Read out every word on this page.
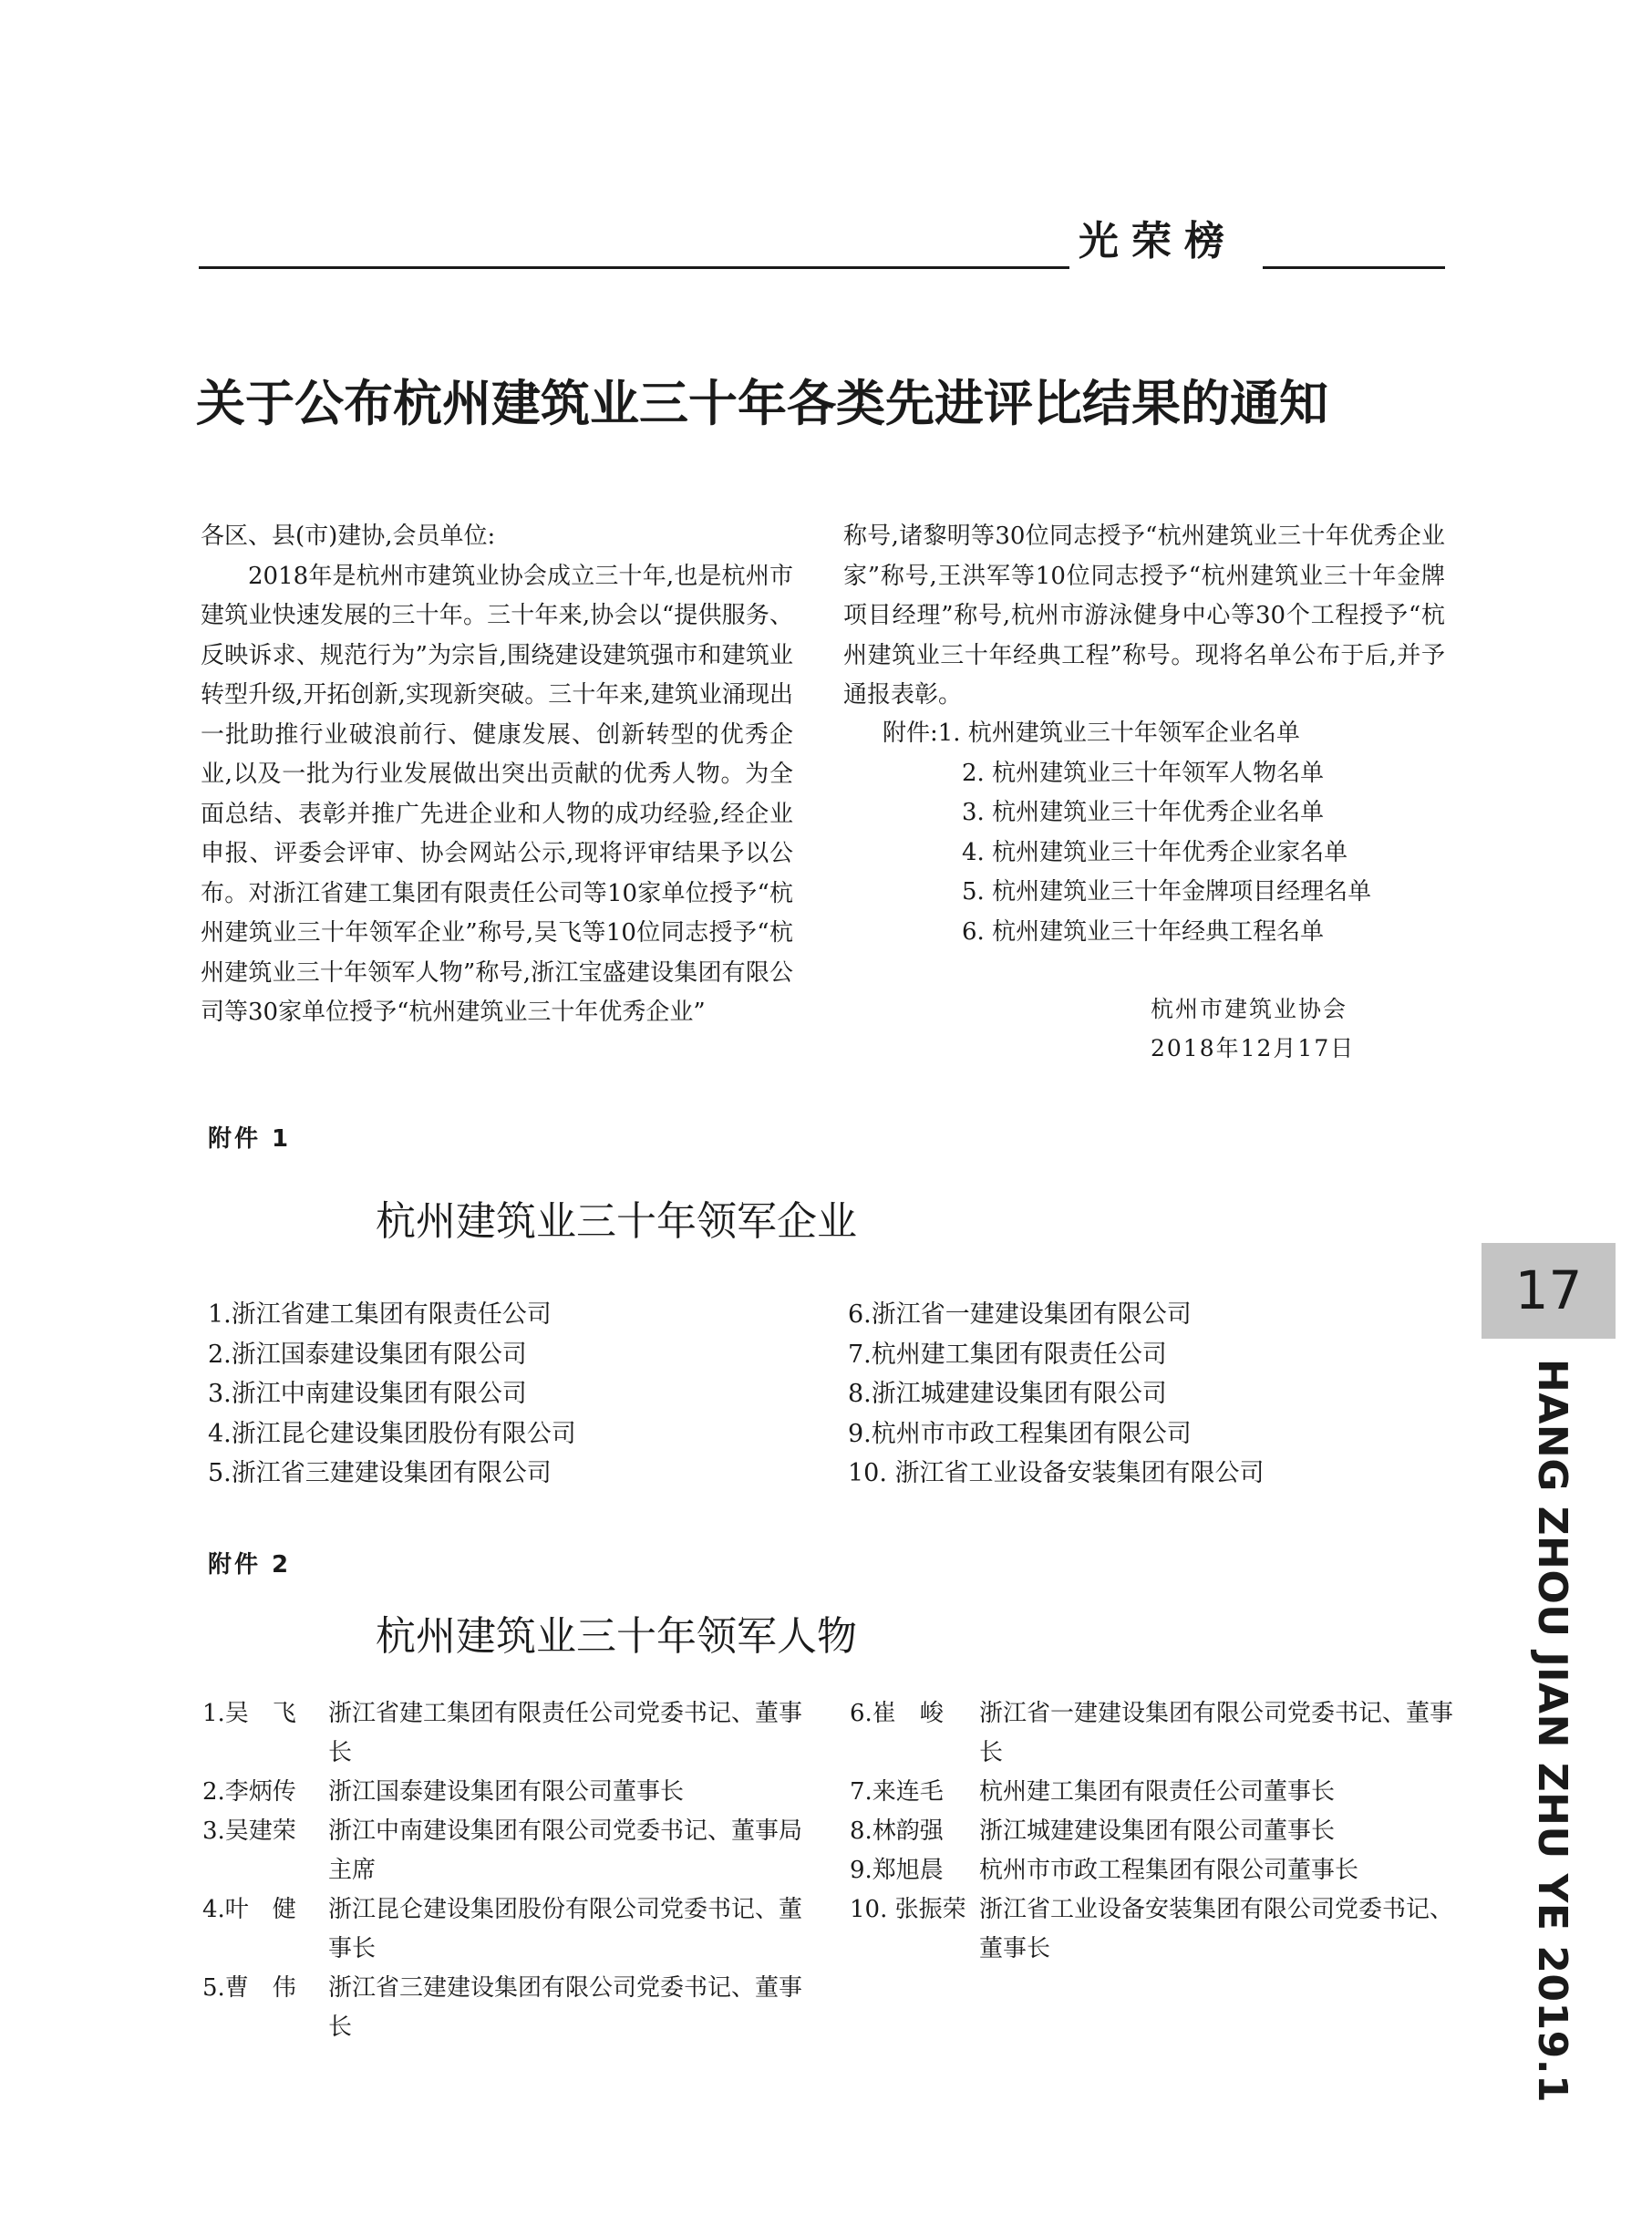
光荣榜
关于公布杭州建筑业三十年各类先进评比结果的通知

各区、县(市)建协,会员单位:

2018年是杭州市建筑业协会成立三十年,也是杭州市建筑业快速发展的三十年。三十年来,协会以“提供服务、反映诉求、规范行为”为宗旨,围绕建设建筑强市和建筑业转型升级,开拓创新,实现新突破。三十年来,建筑业涌现出一批助推行业破浪前行、健康发展、创新转型的优秀企业,以及一批为行业发展做出突出贡献的优秀人物。为全面总结、表彰并推广先进企业和人物的成功经验,经企业申报、评委会评审、协会网站公示,现将评审结果予以公布。对浙江省建工集团有限责任公司等10家单位授予“杭州建筑业三十年领军企业”称号,吴飞等10位同志授予“杭州建筑业三十年领军人物”称号,浙江宝盛建设集团有限公司等30家单位授予“杭州建筑业三十年优秀企业”

称号,诸黎明等30位同志授予“杭州建筑业三十年优秀企业家”称号,王洪军等10位同志授予“杭州建筑业三十年金牌项目经理”称号,杭州市游泳健身中心等30个工程授予“杭州建筑业三十年经典工程”称号。现将名单公布于后,并予通报表彰。

附件:1. 杭州建筑业三十年领军企业名单
2. 杭州建筑业三十年领军人物名单
3. 杭州建筑业三十年优秀企业名单
4. 杭州建筑业三十年优秀企业家名单
5. 杭州建筑业三十年金牌项目经理名单
6. 杭州建筑业三十年经典工程名单
杭州市建筑业协会
2018年12月17日
附件 1
杭州建筑业三十年领军企业
1.浙江省建工集团有限责任公司
2.浙江国泰建设集团有限公司
3.浙江中南建设集团有限公司
4.浙江昆仑建设集团股份有限公司
5.浙江省三建建设集团有限公司
6.浙江省一建建设集团有限公司
7.杭州建工集团有限责任公司
8.浙江城建建设集团有限公司
9.杭州市市政工程集团有限公司
10. 浙江省工业设备安装集团有限公司
附件 2
杭州建筑业三十年领军人物
1.吴　飞 浙江省建工集团有限责任公司党委书记、董事长
2.李炳传 浙江国泰建设集团有限公司董事长
3.吴建荣 浙江中南建设集团有限公司党委书记、董事局主席
4.叶　健 浙江昆仑建设集团股份有限公司党委书记、董事长
5.曹　伟 浙江省三建建设集团有限公司党委书记、董事长
6.崔　峻 浙江省一建建设集团有限公司党委书记、董事长
7.来连毛 杭州建工集团有限责任公司董事长
8.林韵强 浙江城建建设集团有限公司董事长
9.郑旭晨 杭州市市政工程集团有限公司董事长
10. 张振荣 浙江省工业设备安装集团有限公司党委书记、董事长
17
HANG ZHOU JIAN ZHU YE 2019.1
